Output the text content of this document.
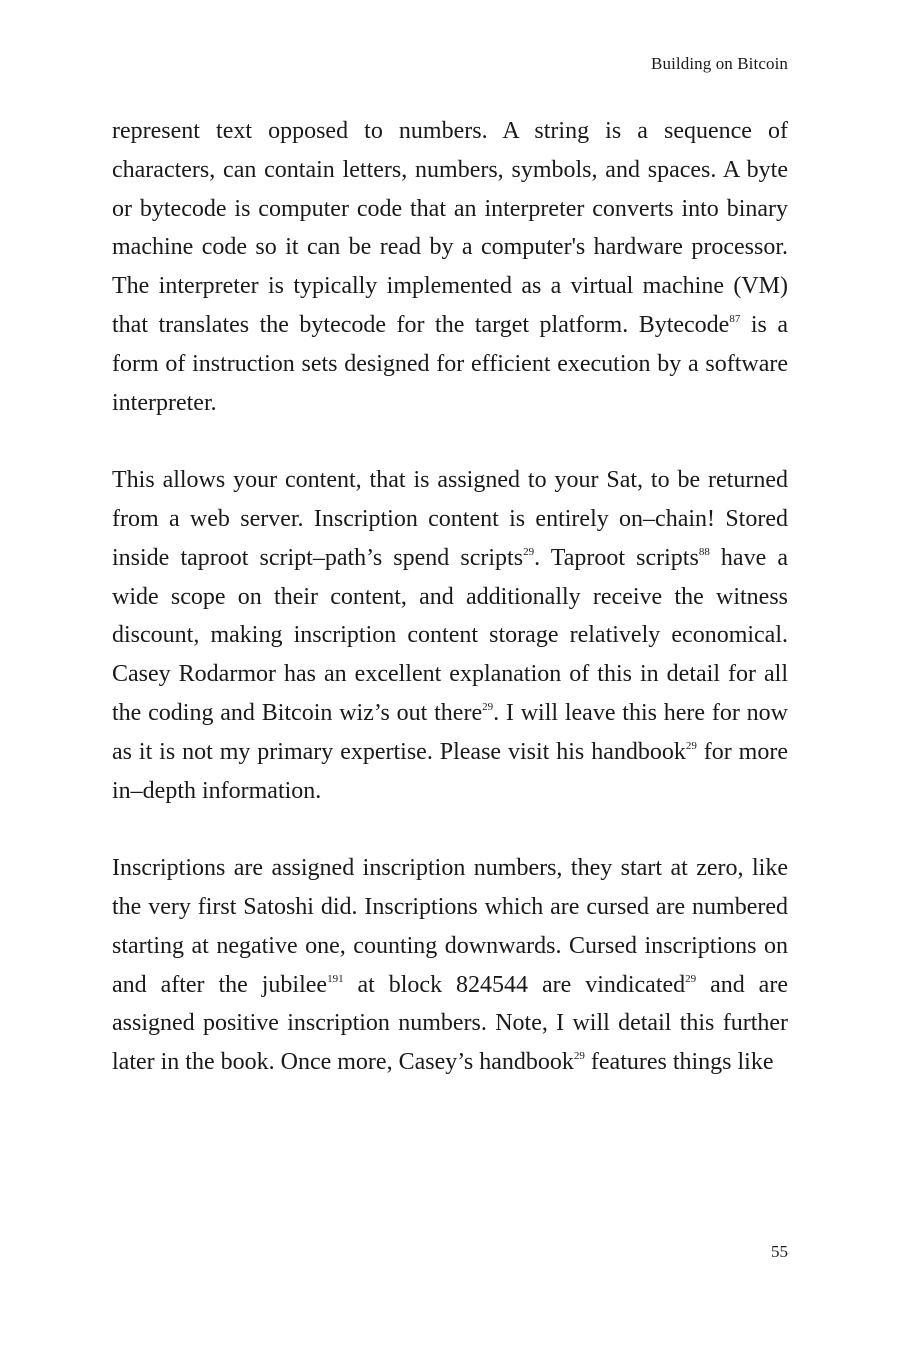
Building on Bitcoin

represent text opposed to numbers. A string is a sequence of characters, can contain letters, numbers, symbols, and spaces. A byte or bytecode is computer code that an interpreter converts into binary machine code so it can be read by a computer's hardware processor. The interpreter is typically implemented as a virtual machine (VM) that translates the bytecode for the target platform. Bytecode$^{87}$ is a form of instruction sets designed for efficient execution by a software interpreter.

This allows your content, that is assigned to your Sat, to be returned from a web server. Inscription content is entirely on–chain! Stored inside taproot script–path’s spend scripts$^{29}$. Taproot scripts$^{88}$ have a wide scope on their content, and additionally receive the witness discount, making inscription content storage relatively economical. Casey Rodarmor has an excellent explanation of this in detail for all the coding and Bitcoin wiz’s out there$^{29}$. I will leave this here for now as it is not my primary expertise. Please visit his handbook$^{29}$ for more in–depth information.

Inscriptions are assigned inscription numbers, they start at zero, like the very first Satoshi did. Inscriptions which are cursed are numbered starting at negative one, counting downwards. Cursed inscriptions on and after the jubilee$^{191}$ at block 824544 are vindicated$^{29}$ and are assigned positive inscription numbers. Note, I will detail this further later in the book. Once more, Casey’s handbook$^{29}$ features things like

55
